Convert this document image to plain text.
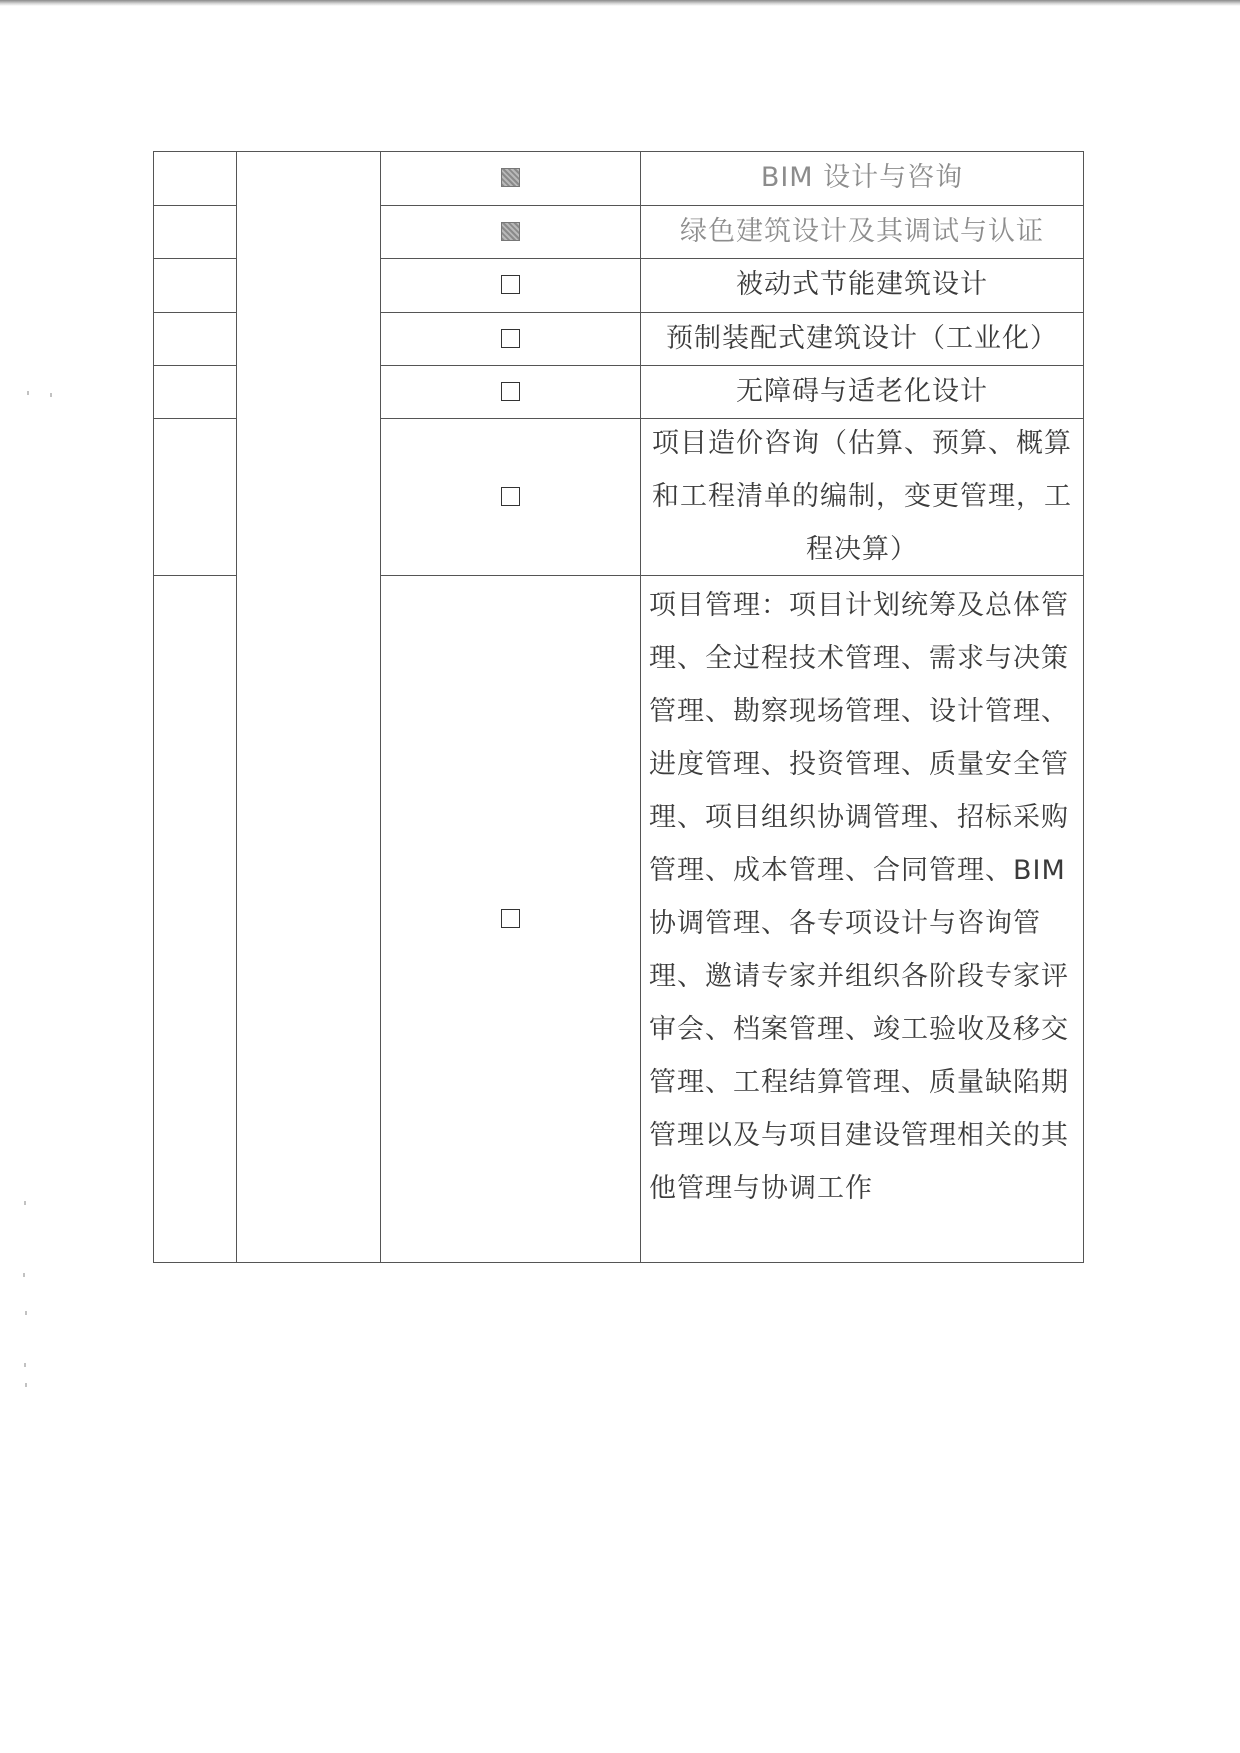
BIM 设计与咨询
绿色建筑设计及其调试与认证
被动式节能建筑设计
预制装配式建筑设计（工业化）
无障碍与适老化设计
项目造价咨询（估算、预算、概算和工程清单的编制，变更管理，工程决算）
项目管理：项目计划统筹及总体管理、全过程技术管理、需求与决策管理、勘察现场管理、设计管理、进度管理、投资管理、质量安全管理、项目组织协调管理、招标采购管理、成本管理、合同管理、BIM 协调管理、各专项设计与咨询管理、邀请专家并组织各阶段专家评审会、档案管理、竣工验收及移交管理、工程结算管理、质量缺陷期管理以及与项目建设管理相关的其他管理与协调工作
